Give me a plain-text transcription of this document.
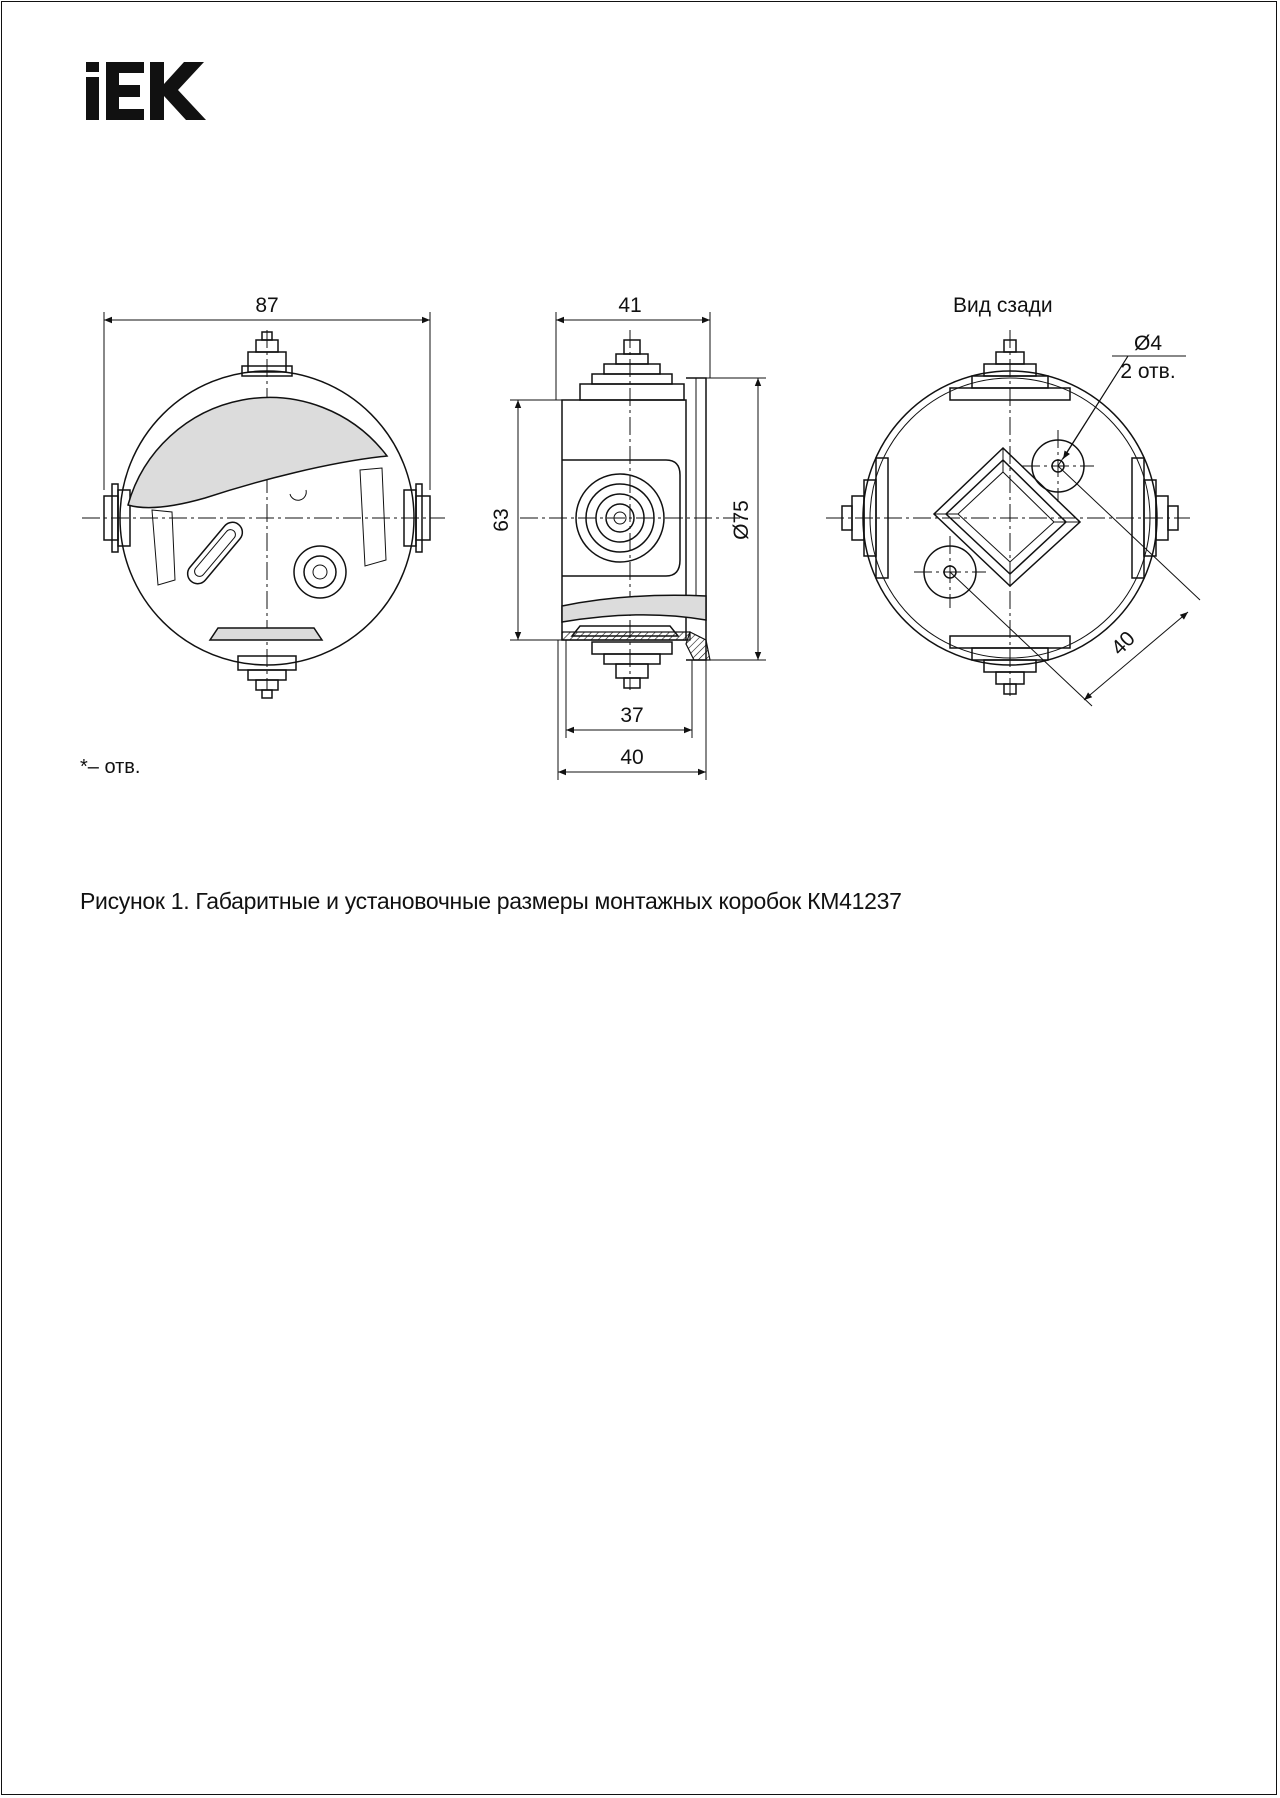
87	41
63	Ø75
37
40
Ø4
2 отв.
40
Вид сзади
*– отв.
Рисунок 1. Габаритные и установочные размеры монтажных коробок КМ41237
